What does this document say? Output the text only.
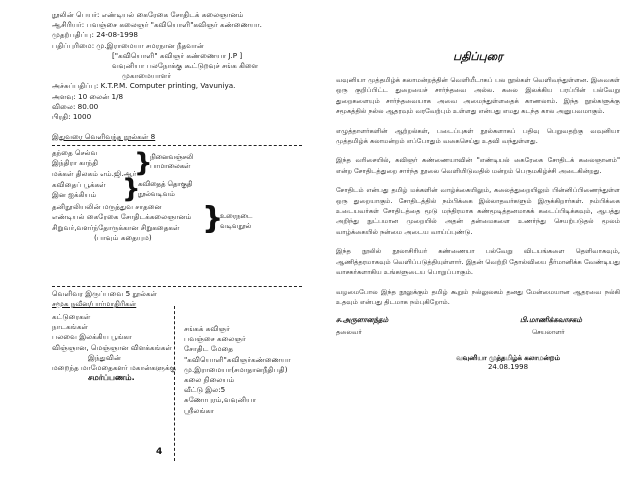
நூலின் பெயர்: எண்டியல் கைரேகை சோதிடக் கலைஞானம்
ஆசிரியர்: பவஞ்சை கலைஞர் "கவியொளி"கவிஞர் கண்ணையா.
முதற்பதிப்பு: 24-08-1998
பதிப்புரிமை: மு.இராமையா சமரநான நீதவான்
["கவியொளி" கவிஞர் கண்ணையா J.P ]
வவுனியா பலநோக்கு கூட்டுறவுச் சங்க கிளை
முகாமையாளர்
அச்சுப்பதிப்பு: K.T.P.M. Computer printing, Vavuniya.
அளவு: 10 லைன் 1/8
விலை: 80.00
பிரதி: 1000
இதுவரை வெளிவந்த நூல்கள் 8
தந்தை செல்வ
இந்திரா காந்தி
மக்கள் திலகம் எம்.ஜி.ஆர்
}
நினைவஞ்சலி
பாமாலைகள்
கவிதைப் பூக்கள்
இன ஐக்கியம் }
கவிதைத் தொகுதி
நூல்வடிவம்
தனிநூலியலின் மருத்துவ சாதனை
எண்டியல் கைரேகை சோதிடக்கலைஞானம்
சிறுவர்,வளர்ந்தோருக்கான சிறுகதைகள்
(பாவும் கதையும)
}
உரைநடை
வடிவநூல்
வெளிவர இருப்பவை 5 நூல்கள்
சமூக நவீன/பார்மாதிரிகள்
கட்டுரைகள்
நாடகங்கள்
பலவை இலக்கிய பூங்கா
விஞ்ஞான, மெஞ்ஞான விளக்கங்கள்
இந்துவின்
மறைந்த மாமேதைகளர் மகான்களுக்கு
சமர்ப்பணம்.
சங்கக் கவிஞர்
பவஞ்சை கலைஞர்
சோதிட மேதை
"கவியொளி"கவிஞர்கண்ணையா
மு.இராமையா(சமாதானநீதிபதி)
கலை நிலையம்
வீட்டு இல:5
சுணோபுரம்,வவுனியா
ஸ்ரீலங்கா
4
பதிப்புரை

வவுனியா முத்தமிழ்க் கலாமன்றத்தின் வெளியீடாகப் பல நூல்கள் வெளிவந்துள்ளன. இவைகள் ஒரு குறிப்பிட்ட துறையைச் சார்ந்தவை அல்ல. கலை இலக்கிய பரப்பின் பல்வேறு துறைகளையும் சார்ந்தவையாக அவை அமைந்துள்ளதைக் காணலாம். இந்த நூல்களுக்கு சமூகத்தில் நல்ல ஆதரவும் வரவேற்பும் உள்ளது என்பது எமது கடந்த கால அனுபவமாகும்.

எழுத்தாளர்களின் ஆற்றல்கள், படைப்புகள் நூல்களாகப் பதிவு பெறுவதற்கு வவுனியா முத்தமிழ்க் கலாமன்றம் எப்போதும் வகைசெய்து உதவி வந்துள்ளது.

இந்த வரிசையில், கவிஞர் கண்ணையாவின் "எண்டியல் கைரேகை சோதிடக் கலைஞானம்" என்ற சோதிடத்துறை சார்ந்த நூலை வெளியிடுவதில் மன்றம் பெருமகிழ்ச்சி அடைகின்றது.

சோதிடம் என்பது தமிழ் மக்களின் வாழ்க்கையிலும், கலைத்துறையிலும் பின்னிப்பிணைந்துள்ள ஒரு துறையாகும். சோதிடத்தில் நம்பிக்கை இல்லாதவர்களும் இருக்கிறார்கள். நம்பிக்கை உடையவர்கள் சோதிடத்தை மூடு மந்திரமாக கண்மூடித்தனமாகக் கடைப்பிடிக்கவும், ஆபத்து அறிந்து நுட்பமான முறையில் அதன் தன்மைகளை உணர்ந்து செயற்படுதல் மூலம் வாழ்க்கையில் நன்மை அடைய வாய்ப்புண்டு.

இந்த நூலில் நூலாசிரியர் கண்ணையா பல்வேறு விடயங்களை தெளிவாகவும், ஆணித்தரமாகவும் வெளிப்படுத்தியுள்ளார். இதன் வெற்றி தோல்வியை தீர்மானிக்க வேண்டியது வாசகர்களாகிய உங்களுடைய பொறுப்பாகும்.

வழமைபோல இந்த நூலுக்கும் தமிழ் கூறும் நல்லுலகம் தனது மேன்மையான ஆதரவை நல்கி உதவும் என்பது திடமாக நம்புகிறோம்.

ச.அருளானந்தம்
தலைவர்
பி.மாணிக்கவாசகம்
செயலாளர்
வவுனியா முத்தமிழ்க் கலாமன்றம்
24.08.1998
